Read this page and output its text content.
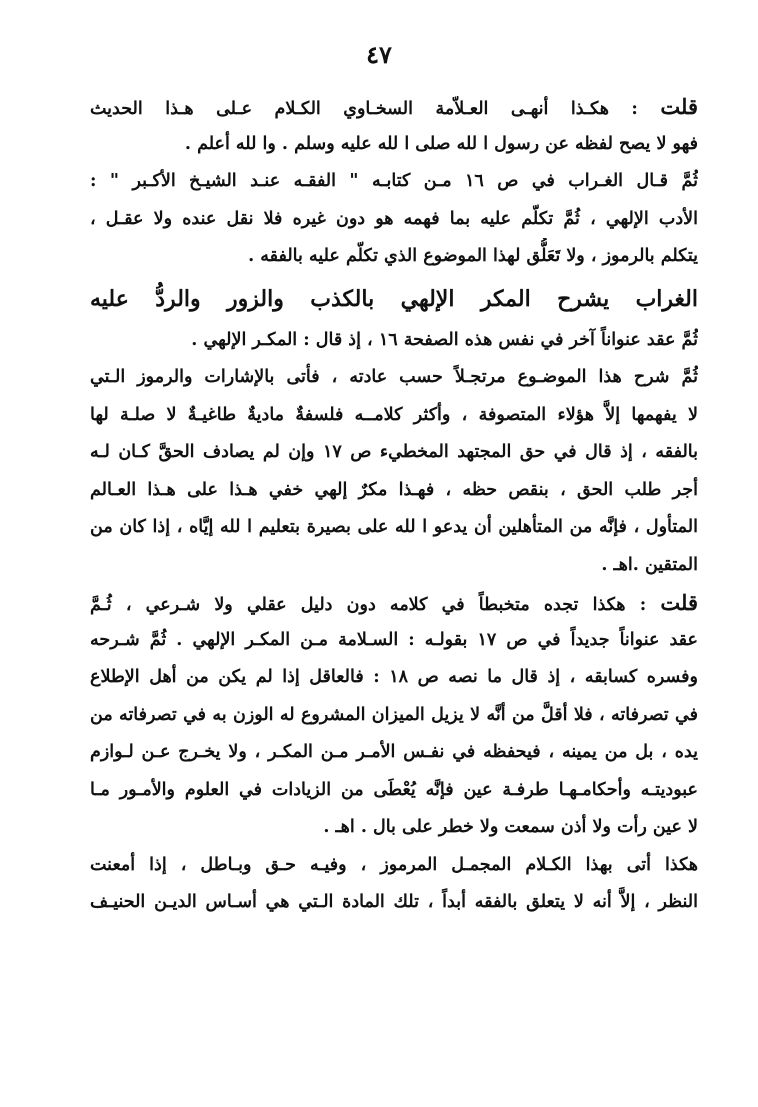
٤٧
قلت : هكـذا أنهـى العـلاّمة السخـاوي الكـلام عـلى هـذا الحديث
فهو لا يصح لفظه عن رسول ا لله صلى ا لله عليه وسلم . وا لله أعلم .
ثُمَّ قـال الغـراب في ص ١٦ مـن كتابـه " الفقـه عنـد الشيـخ الأكـبر " :
الأدب الإلهي ، ثُمَّ تكلّم عليه بما فهمه هو دون غيره فلا نقل عنده ولا عقـل ،
يتكلم بالرموز ، ولا تَعَلُّق لهذا الموضوع الذي تكلّم عليه بالفقه .
الغراب يشرح المكر الإلهي بالكذب والزور والردُّ عليه
ثُمَّ عقد عنواناً آخر في نفس هذه الصفحة ١٦ ، إذ قال : المكـر الإلهي .
ثُمَّ شرح هذا الموضـوع مرتجـلاً حسب عادته ، فأتى بالإشارات والرموز الـتي
لا يفهمها إلاَّ هؤلاء المتصوفة ، وأكثر كلامــه فلسفةٌ ماديةٌ طاغيـةٌ لا صلـة لها
بالفقه ، إذ قال في حق المجتهد المخطيء ص ١٧ وإن لم يصادف الحقَّ كـان لـه
أجر طلب الحق ، بنقص حظه ، فهـذا مكرٌ إلهي خفي هـذا على هـذا العـالم
المتأول ، فإنَّه من المتأهلين أن يدعو ا لله على بصيرة بتعليم ا لله إيَّاه ، إذا كان من
المتقين .اهـ .
قلت : هكذا تجده متخبطاً في كلامه دون دليل عقلي ولا شـرعي ، ثُـمَّ
عقد عنواناً جديداً في ص ١٧ بقولـه : السـلامة مـن المكـر الإلهي . ثُمَّ شـرحه
وفسره كسابقه ، إذ قال ما نصه ص ١٨ : فالعاقل إذا لم يكن من أهل الإطلاع
في تصرفاته ، فلا أقلَّ من أنَّه لا يزيل الميزان المشروع له الوزن به في تصرفاته من
يده ، بل من يمينه ، فيحفظه في نفـس الأمـر مـن المكـر ، ولا يخـرج عـن لـوازم
عبوديتـه وأحكامـهـا طرفـة عين فإنَّه يُعْطَى من الزيادات في العلوم والأمـور مـا
لا عين رأت ولا أذن سمعت ولا خطر على بال . اهـ .
هكذا أتى بهذا الكـلام المجمـل المرموز ، وفيـه حـق وبـاطل ، إذا أمعنت
النظر ، إلاَّ أنه لا يتعلق بالفقه أبداً ، تلك المادة الـتي هي أسـاس الديـن الحنيـف
